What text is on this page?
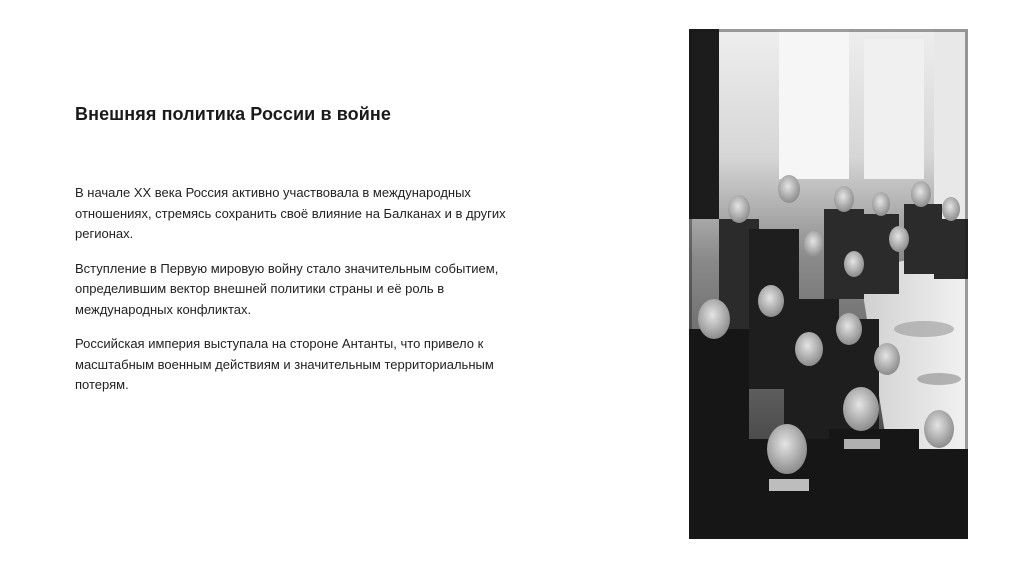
Внешняя политика России в войне

В начале XX века Россия активно участвовала в международных отношениях, стремясь сохранить своё влияние на Балканах и в других регионах.

Вступление в Первую мировую войну стало значительным событием, определившим вектор внешней политики страны и её роль в международных конфликтах.

Российская империя выступала на стороне Антанты, что привело к масштабным военным действиям и значительным территориальным потерям.
